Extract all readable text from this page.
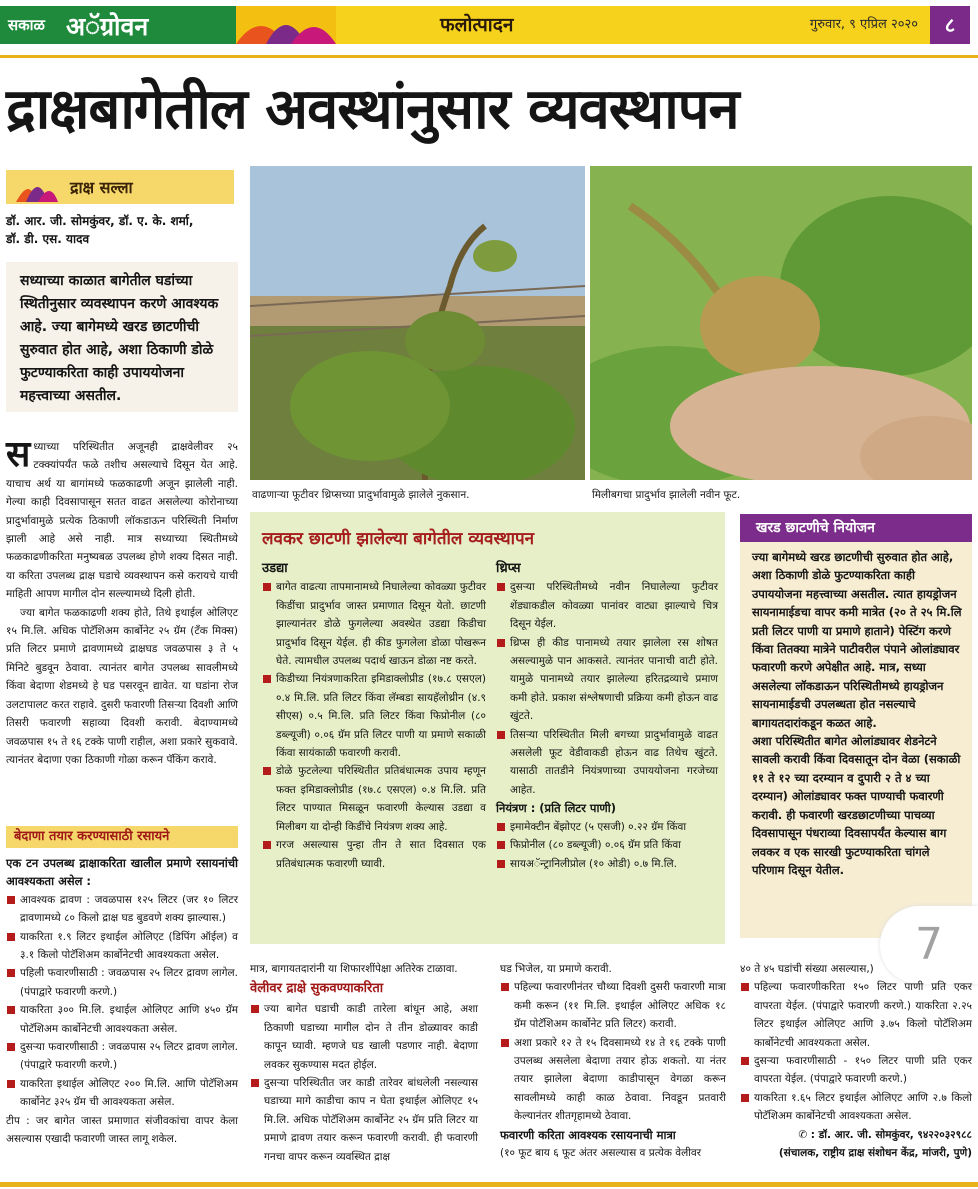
सकाळ अॅग्रोवन	फलोत्पादन	गुरुवार, ९ एप्रिल २०२०	८
द्राक्षबागेतील अवस्थांनुसार व्यवस्थापन
द्राक्ष सल्ला
डॉ. आर. जी. सोमकुंवर, डॉ. ए. के. शर्मा,
डॉ. डी. एस. यादव
सध्याच्या काळात बागेतील घडांच्या स्थितीनुसार व्यवस्थापन करणे आवश्यक आहे. ज्या बागेमध्ये खरड छाटणीची सुरुवात होत आहे, अशा ठिकाणी डोळे फुटण्याकरिता काही उपाययोजना महत्त्वाच्या असतील.
स ध्याच्या परिस्थितीत अजूनही द्राक्षवेलीवर २५ टक्क्यांपर्यंत फळे तशीच असल्याचे दिसून येत आहे. याचाच अर्थ या बागांमध्ये फळकाढणी अजून झालेली नाही. गेल्या काही दिवसापासून सतत वाढत असलेल्या कोरोनाच्या प्रादुर्भावामुळे प्रत्येक ठिकाणी लॉकडाऊन परिस्थिती निर्माण झाली आहे असे नाही. मात्र सध्याच्या स्थितीमध्ये फळकाढणीकरिता मनुष्यबळ उपलब्ध होणे शक्य दिसत नाही. या करिता उपलब्ध द्राक्ष घडाचे व्यवस्थापन कसे करायचे याची माहिती आपण मागील दोन सल्ल्यामध्ये दिली होती.
ज्या बागेत फळकाढणी शक्य होते, तिथे इथाईल ओलिएट १५ मि.लि. अधिक पोटॅशिअम कार्बोनेट २५ ग्रॅम (टॅंक मिक्स) प्रति लिटर प्रमाणे द्रावणामध्ये द्राक्षघड जवळपास ३ ते ५ मिनिटे बुडवून ठेवावा. त्यानंतर बागेत उपलब्ध सावलीमध्ये किंवा बेदाणा शेडमध्ये हे घड पसरवून द्यावेत. या घडांना रोज उलटापालट करत राहावे. दुसरी फवारणी तिसऱ्या दिवशी आणि तिसरी फवारणी सहाव्या दिवशी करावी. बेदाण्यामध्ये जवळपास १५ ते १६ टक्के पाणी राहील, अशा प्रकारे सुकवावे. त्यानंतर बेदाणा एका ठिकाणी गोळा करून पॅकिंग करावे.
बेदाणा तयार करण्यासाठी रसायने
एक टन उपलब्ध द्राक्षाकरिता खालील प्रमाणे रसायनांची आवश्यकता असेल :
आवश्यक द्रावण : जवळपास १२५ लिटर (जर १० लिटर द्रावणामध्ये ८० किलो द्राक्ष घड बुडवणे शक्य झाल्यास.)
याकरिता १.९ लिटर इथाईल ओलिएट (डिपिंग ऑईल) व ३.१ किलो पोटॅशिअम कार्बोनेटची आवश्यकता असेल.
पहिली फवारणीसाठी : जवळपास २५ लिटर द्रावण लागेल. (पंपाद्वारे फवारणी करणे.)
याकरिता ३०० मि.लि. इथाईल ओलिएट आणि ४५० ग्रॅम पोटॅशिअम कार्बोनेटची आवश्यकता असेल.
दुसऱ्या फवारणीसाठी : जवळपास २५ लिटर द्रावण लागेल. (पंपाद्वारे फवारणी करणे.)
याकरिता इथाईल ओलिएट २०० मि.लि. आणि पोटॅशिअम कार्बोनेट ३२५ ग्रॅम ची आवश्यकता असेल.
टीप : जर बागेत जास्त प्रमाणात संजीवकांचा वापर केला असल्यास एखादी फवारणी जास्त लागू शकेल.
वाढणाऱ्या फूटीवर थ्रिप्सच्या प्रादुर्भावामुळे झालेले नुकसान.	मिलीबगचा प्रादुर्भाव झालेली नवीन फूट.
लवकर छाटणी झालेल्या बागेतील व्यवस्थापन
उडद्या
बागेत वाढत्या तापमानामध्ये निघालेल्या कोवळ्या फुटीवर किडींचा प्रादुर्भाव जास्त प्रमाणात दिसून येतो. छाटणी झाल्यानंतर डोळे फुगलेल्या अवस्थेत उडद्या किडीचा प्रादुर्भाव दिसून येईल. ही कीड फुगलेला डोळा पोखरून घेते. त्यामधील उपलब्ध पदार्थ खाऊन डोळा नष्ट करते.
किडीच्या नियंत्रणाकरिता इमिडाक्लोप्रीड (१७.८ एसएल) ०.४ मि.लि. प्रति लिटर किंवा लॅम्बडा सायहॅलोथ्रीन (४.९ सीएस) ०.५ मि.लि. प्रति लिटर किंवा फिप्रोनील (८० डब्ल्यूजी) ०.०६ ग्रॅम प्रति लिटर पाणी या प्रमाणे सकाळी किंवा सायंकाळी फवारणी करावी.
डोळे फुटलेल्या परिस्थितीत प्रतिबंधात्मक उपाय म्हणून फक्त इमिडाक्लोप्रीड (१७.८ एसएल) ०.४ मि.लि. प्रति लिटर पाण्यात मिसळून फवारणी केल्यास उडद्या व मिलीबग या दोन्ही किडींचे नियंत्रण शक्य आहे.
गरज असल्यास पुन्हा तीन ते सात दिवसात एक प्रतिबंधात्मक फवारणी घ्यावी.
थ्रिप्स
दुसऱ्या परिस्थितीमध्ये नवीन निघालेल्या फुटीवर शेंड्याकडील कोवळ्या पानांवर वाट्या झाल्याचे चित्र दिसून येईल.
थ्रिप्स ही कीड पानामध्ये तयार झालेला रस शोषत असल्यामुळे पान आकसते. त्यानंतर पानाची वाटी होते. यामुळे पानामध्ये तयार झालेल्या हरितद्रव्याचे प्रमाण कमी होते. प्रकाश संश्लेषणाची प्रक्रिया कमी होऊन वाढ खुंटते.
तिसऱ्या परिस्थितीत मिली बगच्या प्रादुर्भावामुळे वाढत असलेली फूट वेडीवाकडी होऊन वाढ तिथेच खुंटते. यासाठी तातडीने नियंत्रणाच्या उपाययोजना गरजेच्या आहेत.
नियंत्रण : (प्रति लिटर पाणी)
इमामेक्टीन बेंझोएट (५ एसजी) ०.२२ ग्रॅम किंवा
फिप्रोनील (८० डब्ल्यूजी) ०.०६ ग्रॅम प्रति किंवा
सायअॅन्ट्रानिलीप्रोल (१० ओडी) ०.७ मि.लि.
खरड छाटणीचे नियोजन
ज्या बागेमध्ये खरड छाटणीची सुरुवात होत आहे, अशा ठिकाणी डोळे फुटण्याकरिता काही उपाययोजना महत्त्वाच्या असतील. त्यात हायड्रोजन सायनामाईडचा वापर कमी मात्रेत (२० ते २५ मि.लि प्रती लिटर पाणी या प्रमाणे हाताने) पेस्टिंग करणे किंवा तितक्या मात्रेने पाटीवरील पंपाने ओलांड्यावर फवारणी करणे अपेक्षीत आहे. मात्र, सध्या असलेल्या लॉकडाऊन परिस्थितीमध्ये हायड्रोजन सायनामाईडची उपलब्धता होत नसल्याचे बागायतदारांकडून कळत आहे.
अशा परिस्थितीत बागेत ओलांड्यावर शेडनेटने सावली करावी किंवा दिवसातून दोन वेळा (सकाळी ११ ते १२ च्या दरम्यान व दुपारी २ ते ४ च्या दरम्यान) ओलांड्यावर फक्त पाण्याची फवारणी करावी. ही फवारणी खरडछाटणीच्या पाचव्या दिवसापासून पंधराव्या दिवसापर्यंत केल्यास बाग लवकर व एक सारखी फुटण्याकरिता चांगले परिणाम दिसून येतील.
7
मात्र, बागायतदारांनी या शिफारशींपेक्षा अतिरेक टाळावा.
वेलीवर द्राक्षे सुकवण्याकरिता
ज्या बागेत घडाची काडी तारेला बांधून आहे, अशा ठिकाणी घडाच्या मागील दोन ते तीन डोळ्यावर काडी कापून घ्यावी. म्हणजे घड खाली पडणार नाही. बेदाणा लवकर सुकण्यास मदत होईल.
दुसऱ्या परिस्थितीत जर काडी तारेवर बांधलेली नसल्यास घडाच्या मागे काडीचा काप न घेता इथाईल ओलिएट १५ मि.लि. अधिक पोटॅशिअम कार्बोनेट २५ ग्रॅम प्रति लिटर या प्रमाणे द्रावण तयार करून फवारणी करावी. ही फवारणी गनचा वापर करून व्यवस्थित द्राक्ष
घड भिजेल, या प्रमाणे करावी.
पहिल्या फवारणीनंतर चौथ्या दिवशी दुसरी फवारणी मात्रा कमी करून (११ मि.लि. इथाईल ओलिएट अधिक १८ ग्रॅम पोटॅशिअम कार्बोनेट प्रति लिटर) करावी.
अशा प्रकारे १२ ते १५ दिवसामध्ये १४ ते १६ टक्के पाणी उपलब्ध असलेला बेदाणा तयार होऊ शकतो. या नंतर तयार झालेला बेदाणा काडीपासून वेगळा करून सावलीमध्ये काही काळ ठेवावा. निवडून प्रतवारी केल्यानंतर शीतगृहामध्ये ठेवावा.
फवारणी करिता आवश्यक रसायनाची मात्रा
(१० फूट बाय ६ फूट अंतर असल्यास व प्रत्येक वेलीवर
४० ते ४५ घडांची संख्या असल्यास,)
पहिल्या फवारणीकरिता १५० लिटर पाणी प्रति एकर वापरता येईल. (पंपाद्वारे फवारणी करणे.) याकरिता २.२५ लिटर इथाईल ओलिएट आणि ३.७५ किलो पोटॅशिअम कार्बोनेटची आवश्यकता असेल.
दुसऱ्या फवारणीसाठी - १५० लिटर पाणी प्रति एकर वापरता येईल. (पंपाद्वारे फवारणी करणे.)
याकरिता १.६५ लिटर इथाईल ओलिएट आणि २.७ किलो पोटॅशिअम कार्बोनेटची आवश्यकता असेल.
✆ : डॉ. आर. जी. सोमकुंवर, ९४२२०३२९८८
(संचालक, राष्ट्रीय द्राक्ष संशोधन केंद्र, मांजरी, पुणे)
